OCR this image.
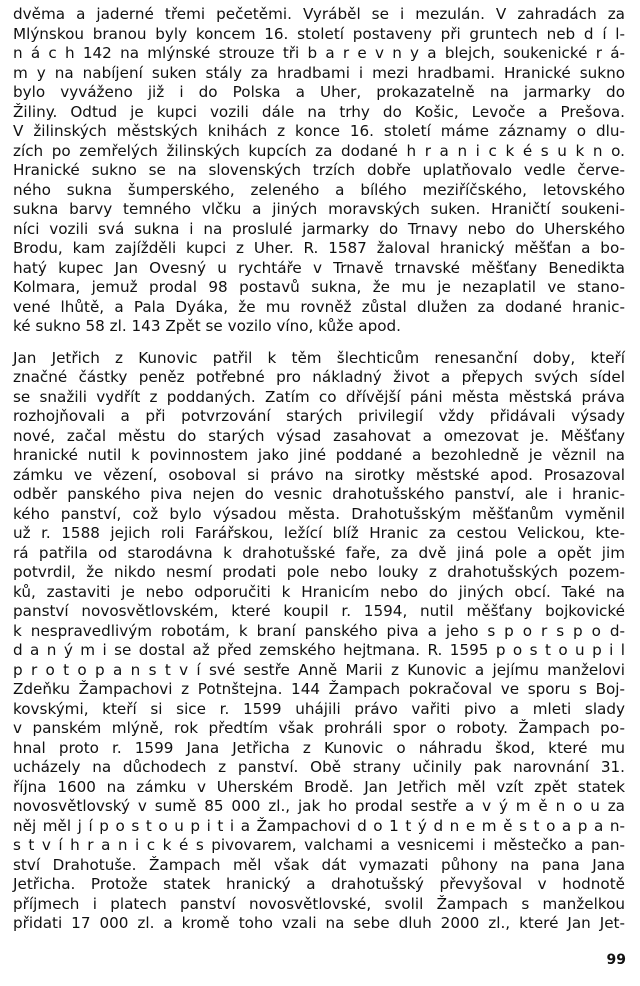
dvěma a jaderné třemi pečetěmi. Vyráběl se i mezulán. V zahradách za
Mlýnskou branou byly koncem 16. století postaveny při gruntech neb d í l-
n á c h 142 na mlýnské strouze tři b a r e v n y a blejch, soukenické r á-
m y na nabíjení suken stály za hradbami i mezi hradbami. Hranické sukno
bylo vyváženo již i do Polska a Uher, prokazatelně na jarmarky do
Žiliny. Odtud je kupci vozili dále na trhy do Košic, Levoče a Prešova.
V žilinských městských knihách z konce 16. století máme záznamy o dlu-
zích po zemřelých žilinských kupcích za dodané h r a n i c k é s u k n o.
Hranické sukno se na slovenských trzích dobře uplatňovalo vedle červe-
ného sukna šumperského, zeleného a bílého meziříčského, letovského
sukna barvy temného vlčku a jiných moravských suken. Hraničtí soukeni-
níci vozili svá sukna i na proslulé jarmarky do Trnavy nebo do Uherského
Brodu, kam zajížděli kupci z Uher. R. 1587 žaloval hranický měšťan a bo-
hatý kupec Jan Ovesný u rychtáře v Trnavě trnavské měšťany Benedikta
Kolmara, jemuž prodal 98 postavů sukna, že mu je nezaplatil ve stano-
vené lhůtě, a Pala Dyáka, že mu rovněž zůstal dlužen za dodané hranic-
ké sukno 58 zl. 143 Zpět se vozilo víno, kůže apod.
Jan Jetřich z Kunovic patřil k těm šlechticům renesanční doby, kteří
značné částky peněz potřebné pro nákladný život a přepych svých sídel
se snažili vydřít z poddaných. Zatím co dřívější páni města městská práva
rozhojňovali a při potvrzování starých privilegií vždy přidávali výsady
nové, začal městu do starých výsad zasahovat a omezovat je. Měšťany
hranické nutil k povinnostem jako jiné poddané a bezohledně je věznil na
zámku ve vězení, osoboval si právo na sirotky městské apod. Prosazoval
odběr panského piva nejen do vesnic drahotušského panství, ale i hranic-
kého panství, což bylo výsadou města. Drahotušským měšťanům vyměnil
už r. 1588 jejich roli Farářskou, ležící blíž Hranic za cestou Velickou, kte-
rá patřila od starodávna k drahotušské faře, za dvě jiná pole a opět jim
potvrdil, že nikdo nesmí prodati pole nebo louky z drahotušských pozem-
ků, zastaviti je nebo odporučiti k Hranicím nebo do jiných obcí. Také na
panství novosvětlovském, které koupil r. 1594, nutil měšťany bojkovické
k nespravedlivým robotám, k braní panského piva a jeho s p o r s p o d-
d a n ý m i se dostal až před zemského hejtmana. R. 1595 p o s t o u p i l
p r o t o p a n s t v í své sestře Anně Marii z Kunovic a jejímu manželovi
Zdeňku Žampachovi z Potnštejna. 144 Žampach pokračoval ve sporu s Boj-
kovskými, kteří si sice r. 1599 uhájili právo vařiti pivo a mleti slady
v panském mlýně, rok předtím však prohráli spor o roboty. Žampach po-
hnal proto r. 1599 Jana Jetřicha z Kunovic o náhradu škod, které mu
ucházely na důchodech z panství. Obě strany učinily pak narovnání 31.
října 1600 na zámku v Uherském Brodě. Jan Jetřich měl vzít zpět statek
novosvětlovský v sumě 85 000 zl., jak ho prodal sestře a v ý m ě n o u za
něj měl j í p o s t o u p i t i a Žampachovi d o 1 t ý d n e m ě s t o a p a n-
s t v í h r a n i c k é s pivovarem, valchami a vesnicemi i městečko a pan-
ství Drahotuše. Žampach měl však dát vymazati půhony na pana Jana
Jetřicha. Protože statek hranický a drahotušský převyšoval v hodnotě
příjmech i platech panství novosvětlovské, svolil Žampach s manželkou
přidati 17 000 zl. a kromě toho vzali na sebe dluh 2000 zl., které Jan Jet-
99
